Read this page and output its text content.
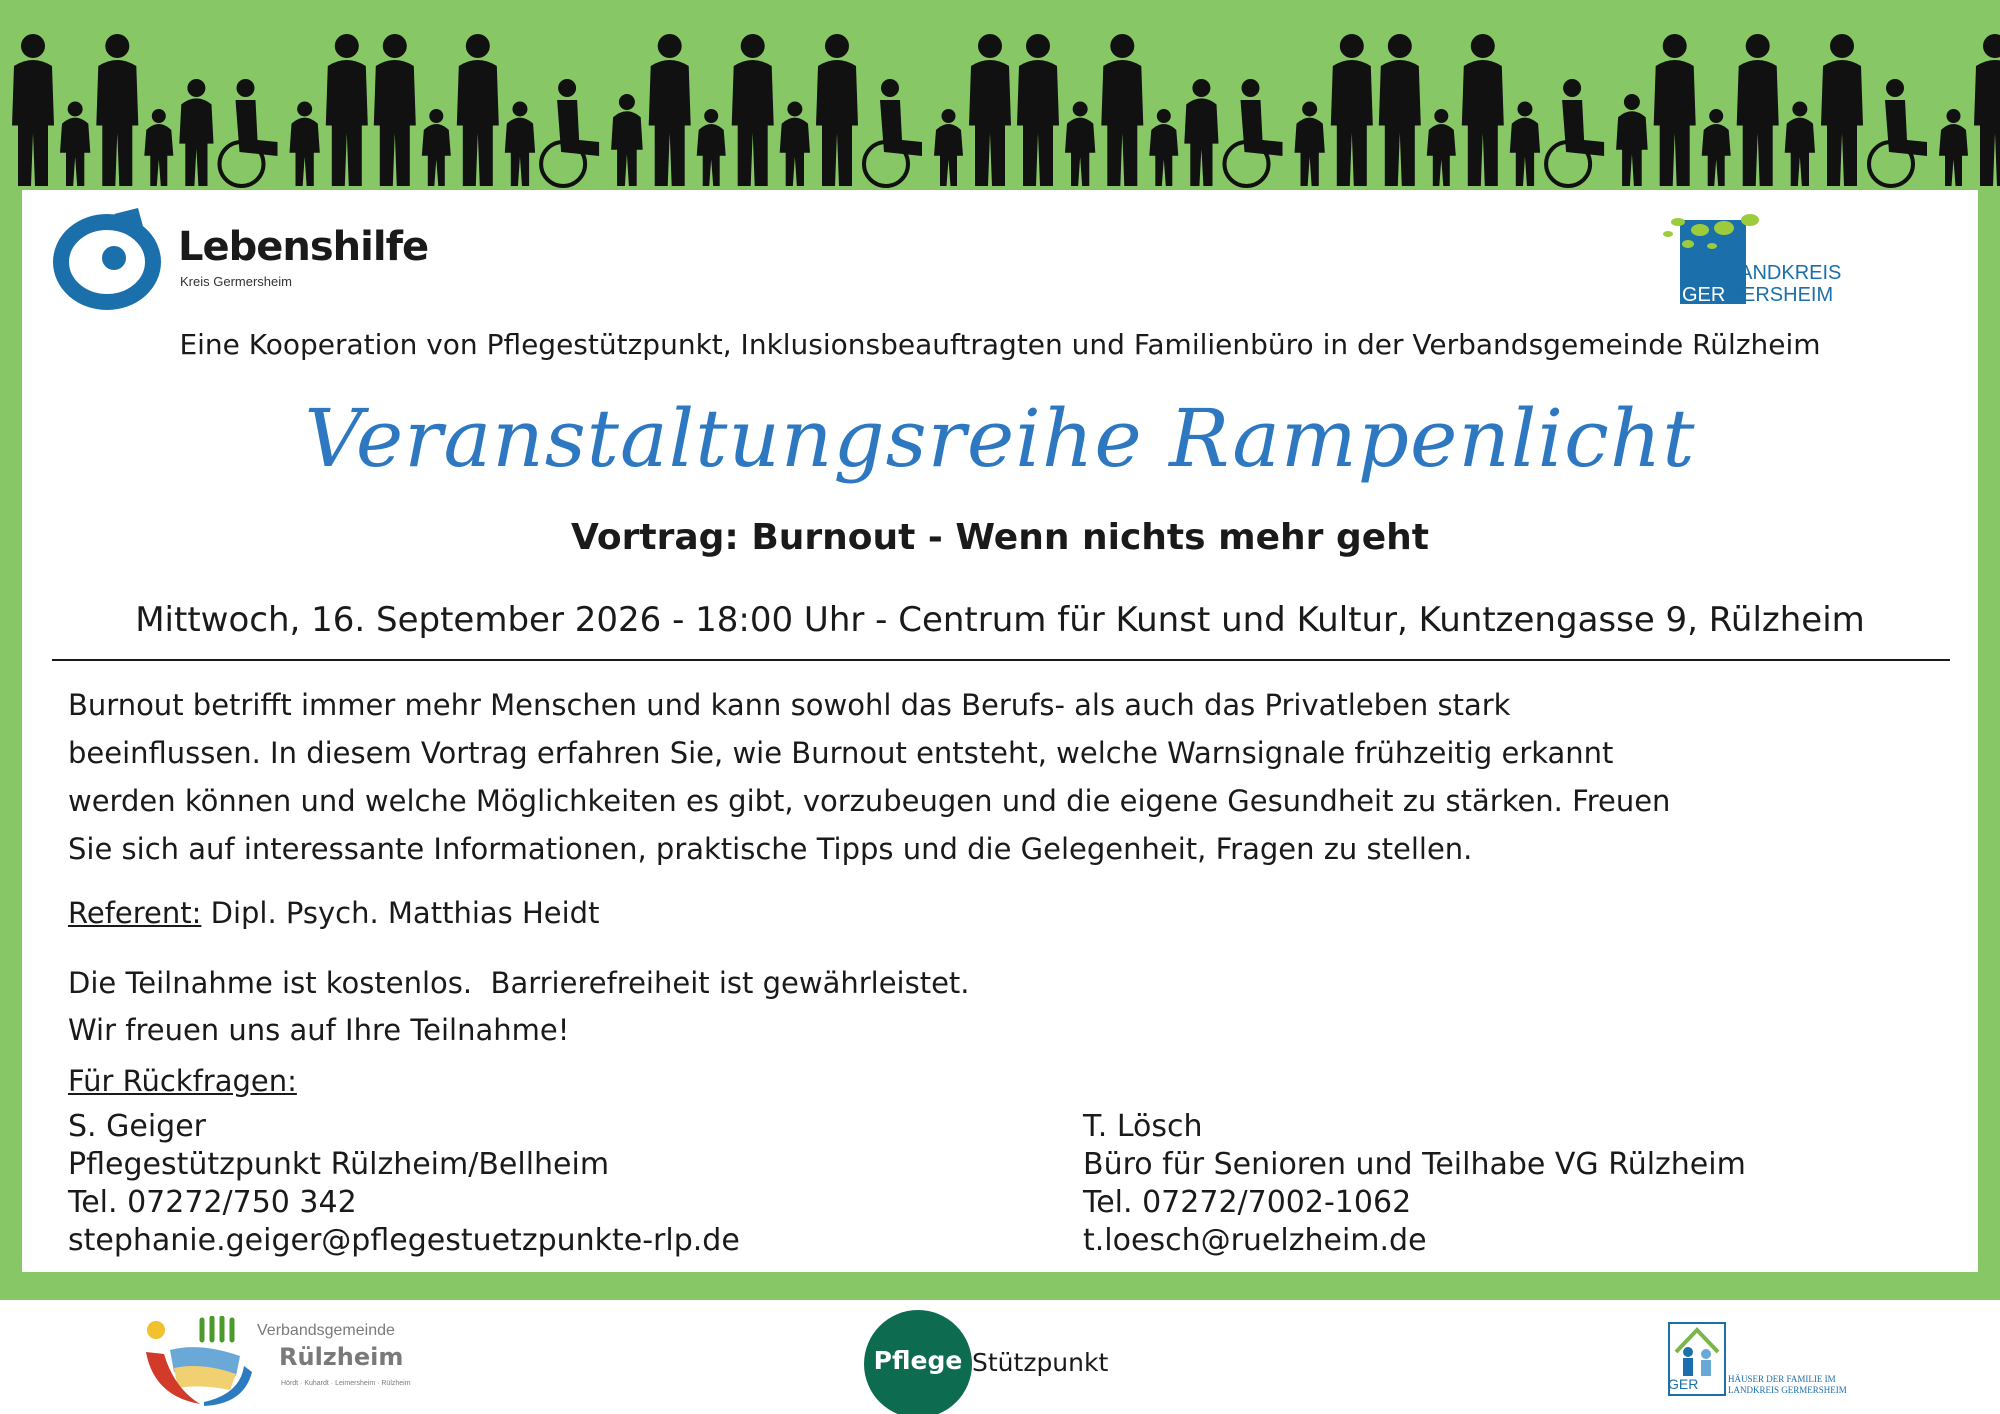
Lebenshilfe
Kreis Germersheim	LANDKREIS
GERMERSHEIM
Eine Kooperation von Pflegestützpunkt, Inklusionsbeauftragten und Familienbüro in der Verbandsgemeinde Rülzheim
Veranstaltungsreihe Rampenlicht
Vortrag: Burnout - Wenn nichts mehr geht
Mittwoch, 16. September 2026 - 18:00 Uhr - Centrum für Kunst und Kultur, Kuntzengasse 9, Rülzheim
Burnout betrifft immer mehr Menschen und kann sowohl das Berufs- als auch das Privatleben stark
beeinflussen. In diesem Vortrag erfahren Sie, wie Burnout entsteht, welche Warnsignale frühzeitig erkannt
werden können und welche Möglichkeiten es gibt, vorzubeugen und die eigene Gesundheit zu stärken. Freuen
Sie sich auf interessante Informationen, praktische Tipps und die Gelegenheit, Fragen zu stellen.
Referent: Dipl. Psych. Matthias Heidt
Die Teilnahme ist kostenlos.  Barrierefreiheit ist gewährleistet.
Wir freuen uns auf Ihre Teilnahme!
Für Rückfragen:
S. Geiger
Pflegestützpunkt Rülzheim/Bellheim
Tel. 07272/750 342
stephanie.geiger@pflegestuetzpunkte-rlp.de
T. Lösch
Büro für Senioren und Teilhabe VG Rülzheim
Tel. 07272/7002-1062
t.loesch@ruelzheim.de
Verbandsgemeinde
Rülzheim
Hördt · Kuhardt · Leimersheim · Rülzheim
Pflege Stützpunkt
GER	HÄUSER DER FAMILIE IM
LANDKREIS GERMERSHEIM
